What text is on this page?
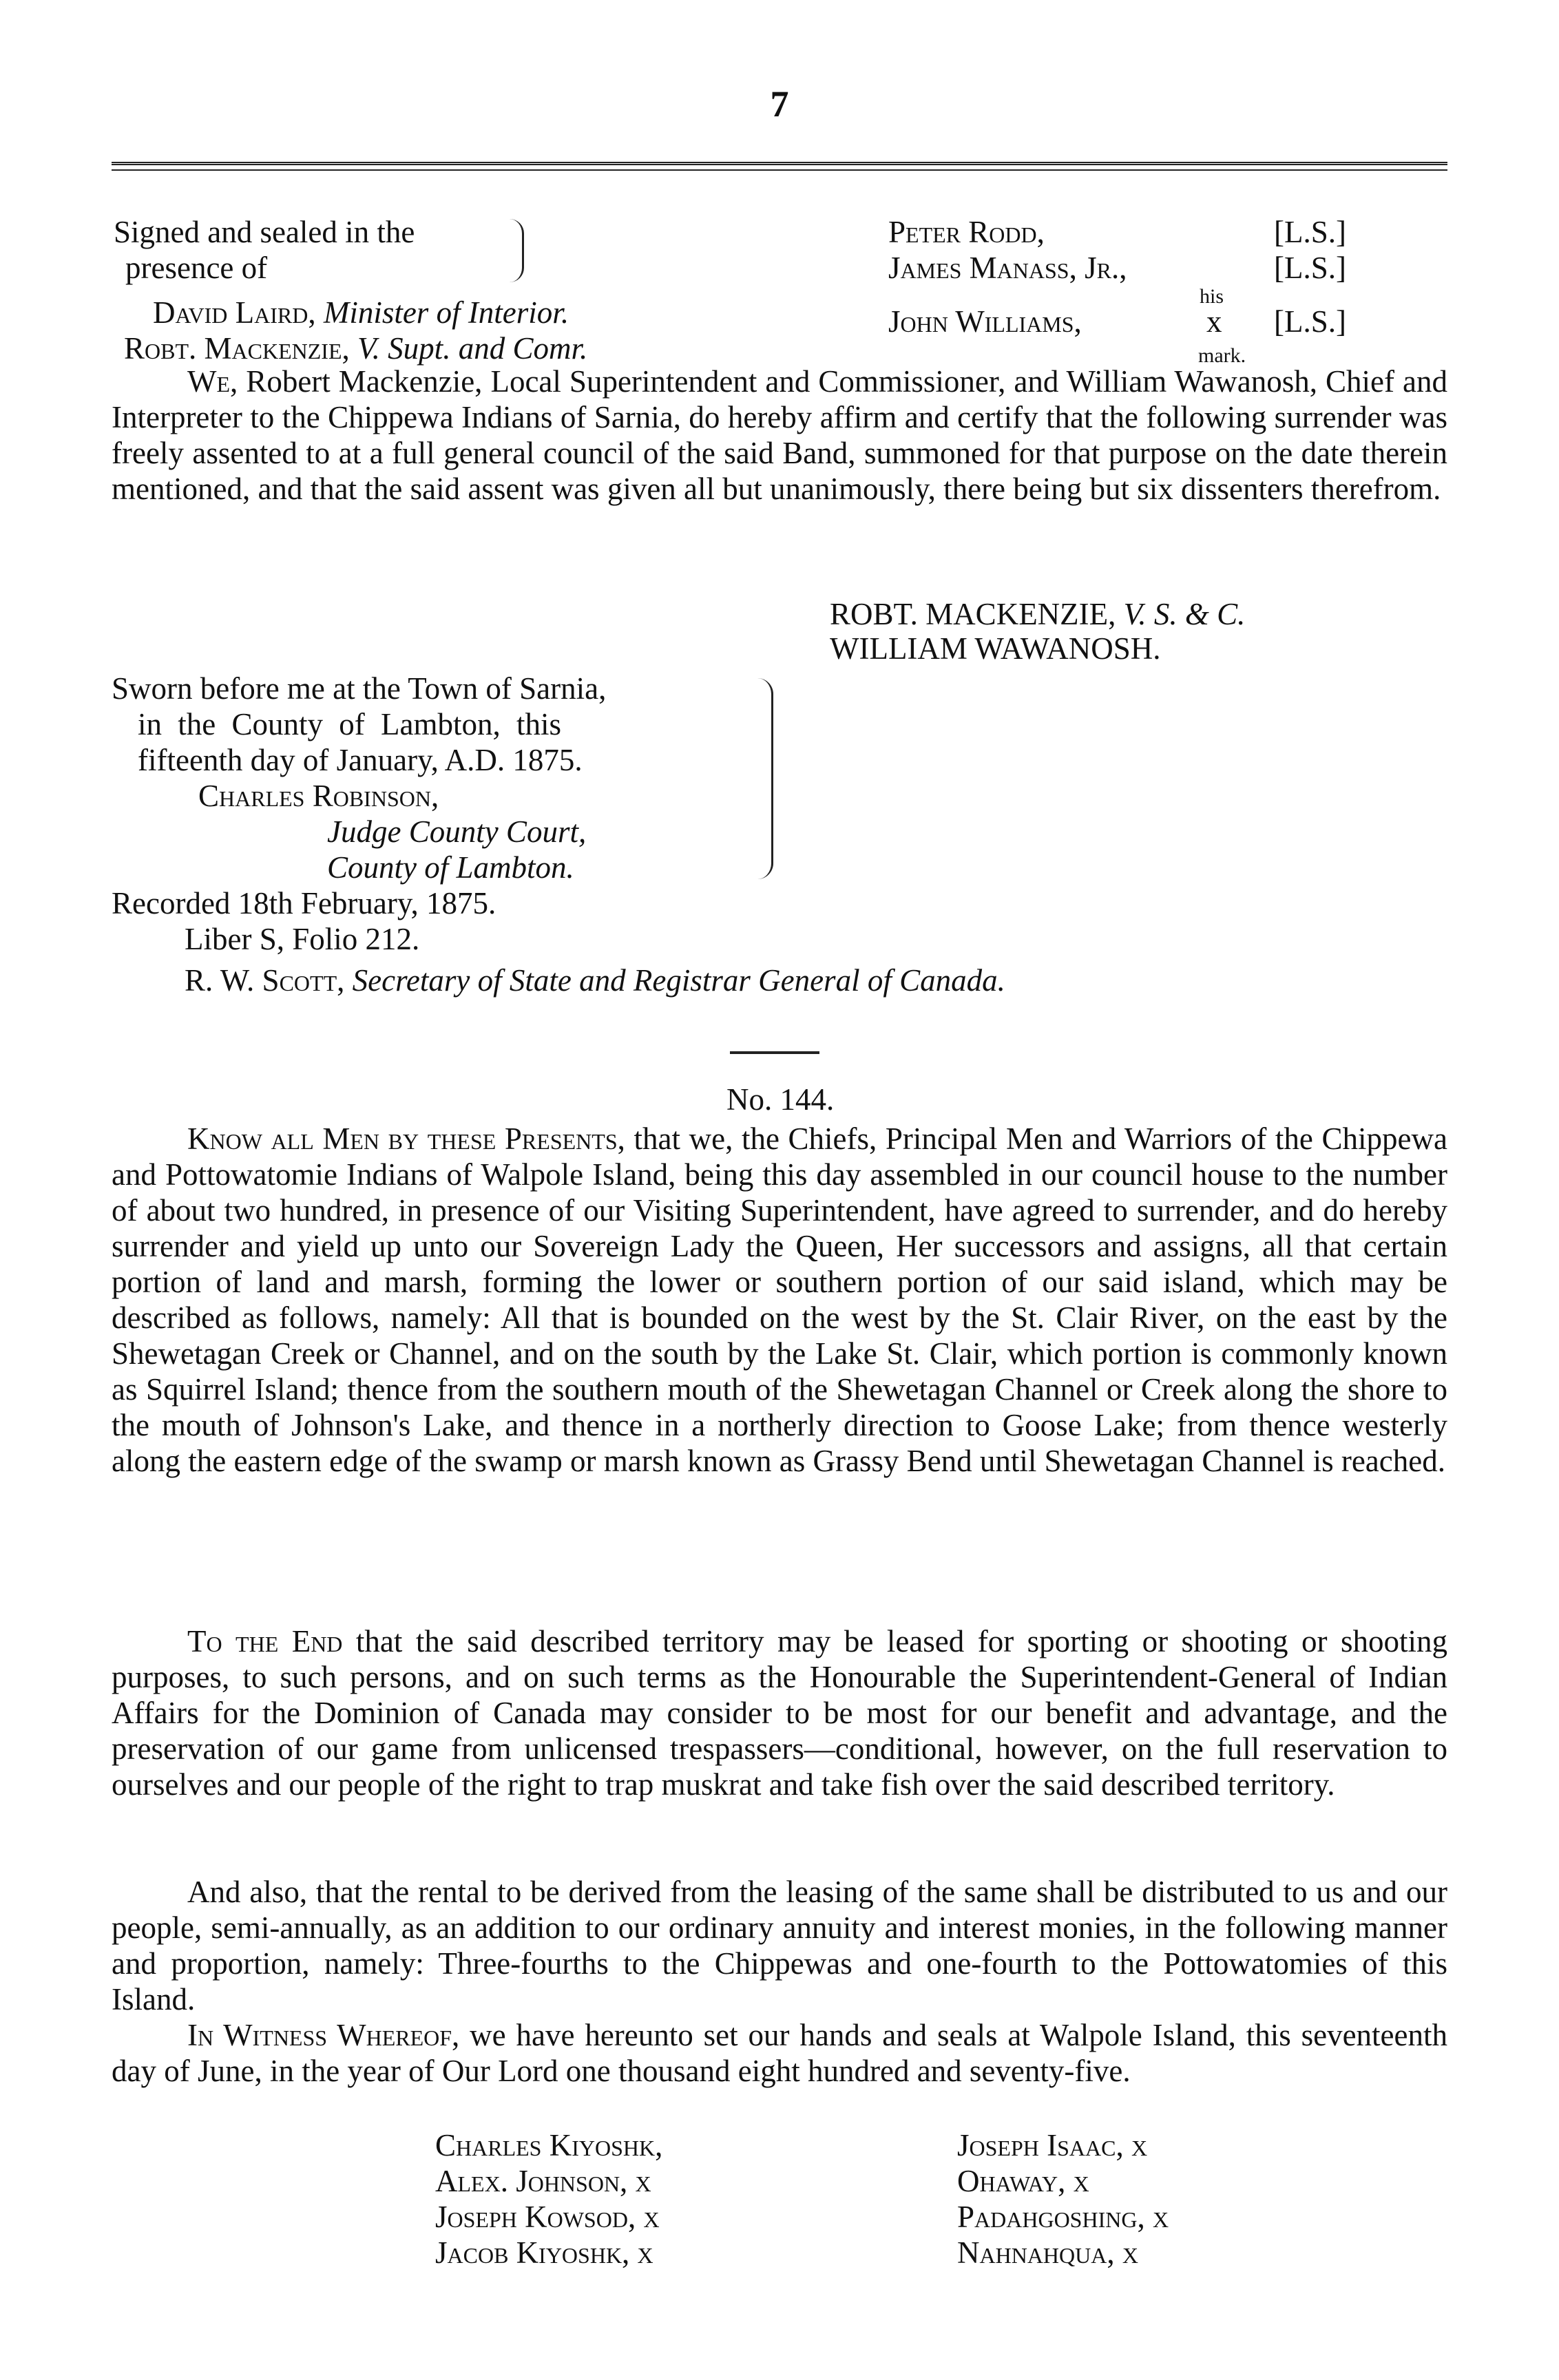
7
Signed and sealed in the
presence of
David Laird, Minister of Interior.
Robt. Mackenzie, V. Supt. and Comr.
Peter Rodd,	[L.S.]
James Manass, Jr.,	[L.S.]
his
John Williams,	x [L.S.]
mark.
We, Robert Mackenzie, Local Superintendent and Commissioner, and William Wawanosh, Chief and Interpreter to the Chippewa Indians of Sarnia, do hereby affirm and certify that the following surrender was freely assented to at a full general council of the said Band, summoned for that purpose on the date therein mentioned, and that the said assent was given all but unanimously, there being but six dissenters therefrom.
ROBT. MACKENZIE, V. S. & C.
WILLIAM WAWANOSH.
Sworn before me at the Town of Sarnia,
in the County of Lambton, this
fifteenth day of January, A.D. 1875.
Charles Robinson,
Judge County Court,
County of Lambton.
Recorded 18th February, 1875.
Liber S, Folio 212.
R. W. Scott, Secretary of State and Registrar General of Canada.
No. 144.
Know all Men by these Presents, that we, the Chiefs, Principal Men and Warriors of the Chippewa and Pottowatomie Indians of Walpole Island, being this day assembled in our council house to the number of about two hundred, in presence of our Visiting Superintendent, have agreed to surrender, and do hereby surrender and yield up unto our Sovereign Lady the Queen, Her successors and assigns, all that certain portion of land and marsh, forming the lower or southern portion of our said island, which may be described as follows, namely: All that is bounded on the west by the St. Clair River, on the east by the Shewetagan Creek or Channel, and on the south by the Lake St. Clair, which portion is commonly known as Squirrel Island; thence from the southern mouth of the Shewetagan Channel or Creek along the shore to the mouth of Johnson's Lake, and thence in a northerly direction to Goose Lake; from thence westerly along the eastern edge of the swamp or marsh known as Grassy Bend until Shewetagan Channel is reached.
To the End that the said described territory may be leased for sporting or shooting or shooting purposes, to such persons, and on such terms as the Honourable the Superintendent-General of Indian Affairs for the Dominion of Canada may consider to be most for our benefit and advantage, and the preservation of our game from unlicensed trespassers—conditional, however, on the full reservation to ourselves and our people of the right to trap muskrat and take fish over the said described territory.
And also, that the rental to be derived from the leasing of the same shall be distributed to us and our people, semi-annually, as an addition to our ordinary annuity and interest monies, in the following manner and proportion, namely: Three-fourths to the Chippewas and one-fourth to the Pottowatomies of this Island.
In Witness Whereof, we have hereunto set our hands and seals at Walpole Island, this seventeenth day of June, in the year of Our Lord one thousand eight hundred and seventy-five.
Charles Kiyoshk,
Alex. Johnson, x
Joseph Kowsod, x
Jacob Kiyoshk, x
Joseph Isaac, x
Ohaway, x
Padahgoshing, x
Nahnahqua, x
